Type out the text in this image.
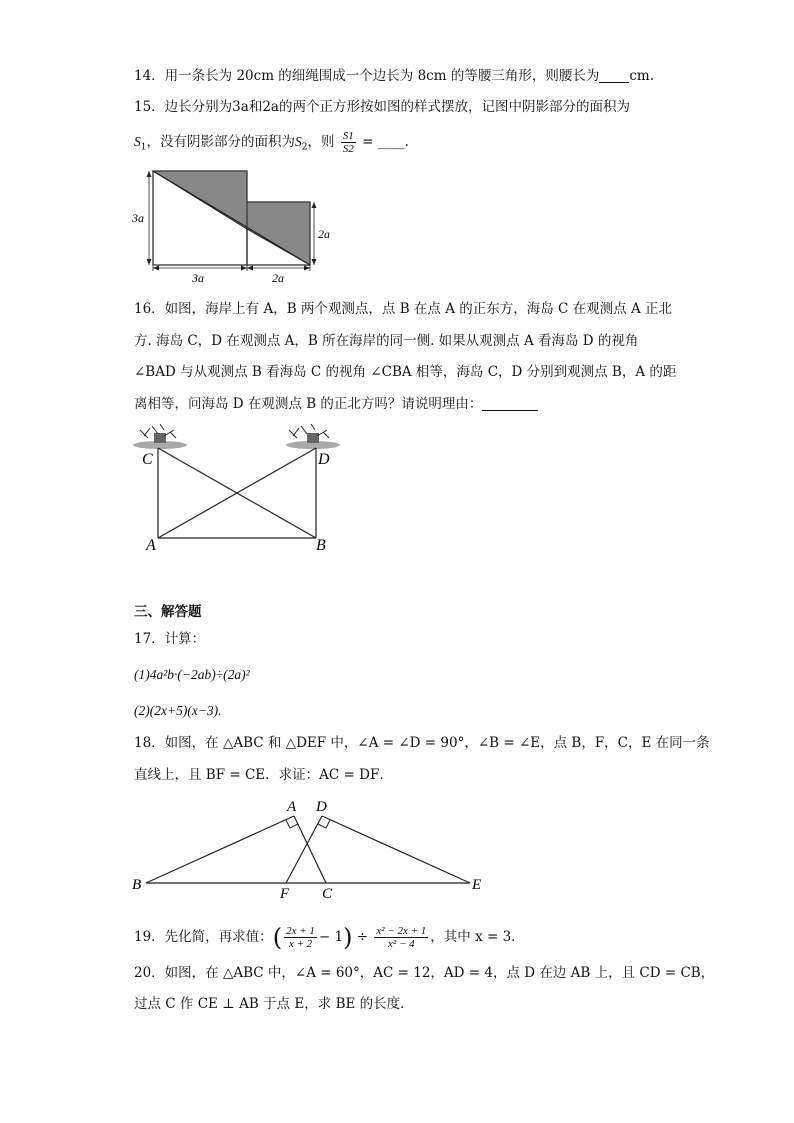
14．用一条长为 20cm 的细绳围成一个边长为 8cm 的等腰三角形，则腰长为 cm.
15．边长分别为3a和2a的两个正方形按如图的样式摆放，记图中阴影部分的面积为
$S_1$，没有阴影部分的面积为$S_2$，则 $\frac{S1}{S2}$ = ____.
3a
2a
3a	2a
16．如图，海岸上有 A，B 两个观测点，点 B 在点 A 的正东方，海岛 C 在观测点 A 正北
方. 海岛 C，D 在观测点 A，B 所在海岸的同一侧. 如果从观测点 A 看海岛 D 的视角
∠BAD 与从观测点 B 看海岛 C 的视角 ∠CBA 相等，海岛 C，D 分别到观测点 B，A 的距
离相等，问海岛 D 在观测点 B 的正北方吗？请说明理由：
C	D
A	B
三、解答题
17．计算：
(1)4a²b·(−2ab)÷(2a)²
(2)(2x+5)(x−3).
18．如图，在 △ABC 和 △DEF 中，∠A = ∠D = 90°，∠B = ∠E，点 B，F，C，E 在同一条
直线上，且 BF = CE．求证：AC = DF．
A D
B
F C
E
19．先化简，再求值：( $\frac{2x + 1}{x + 2} - 1) \div \frac{\text{x² − 2x + 1}}{\text{x² − 4}}$ ，其中 x = 3．
20．如图，在 △ABC 中，∠A = 60°，AC = 12，AD = 4，点 D 在边 AB 上，且 CD = CB，
过点 C 作 CE ⊥ AB 于点 E，求 BE 的长度．
